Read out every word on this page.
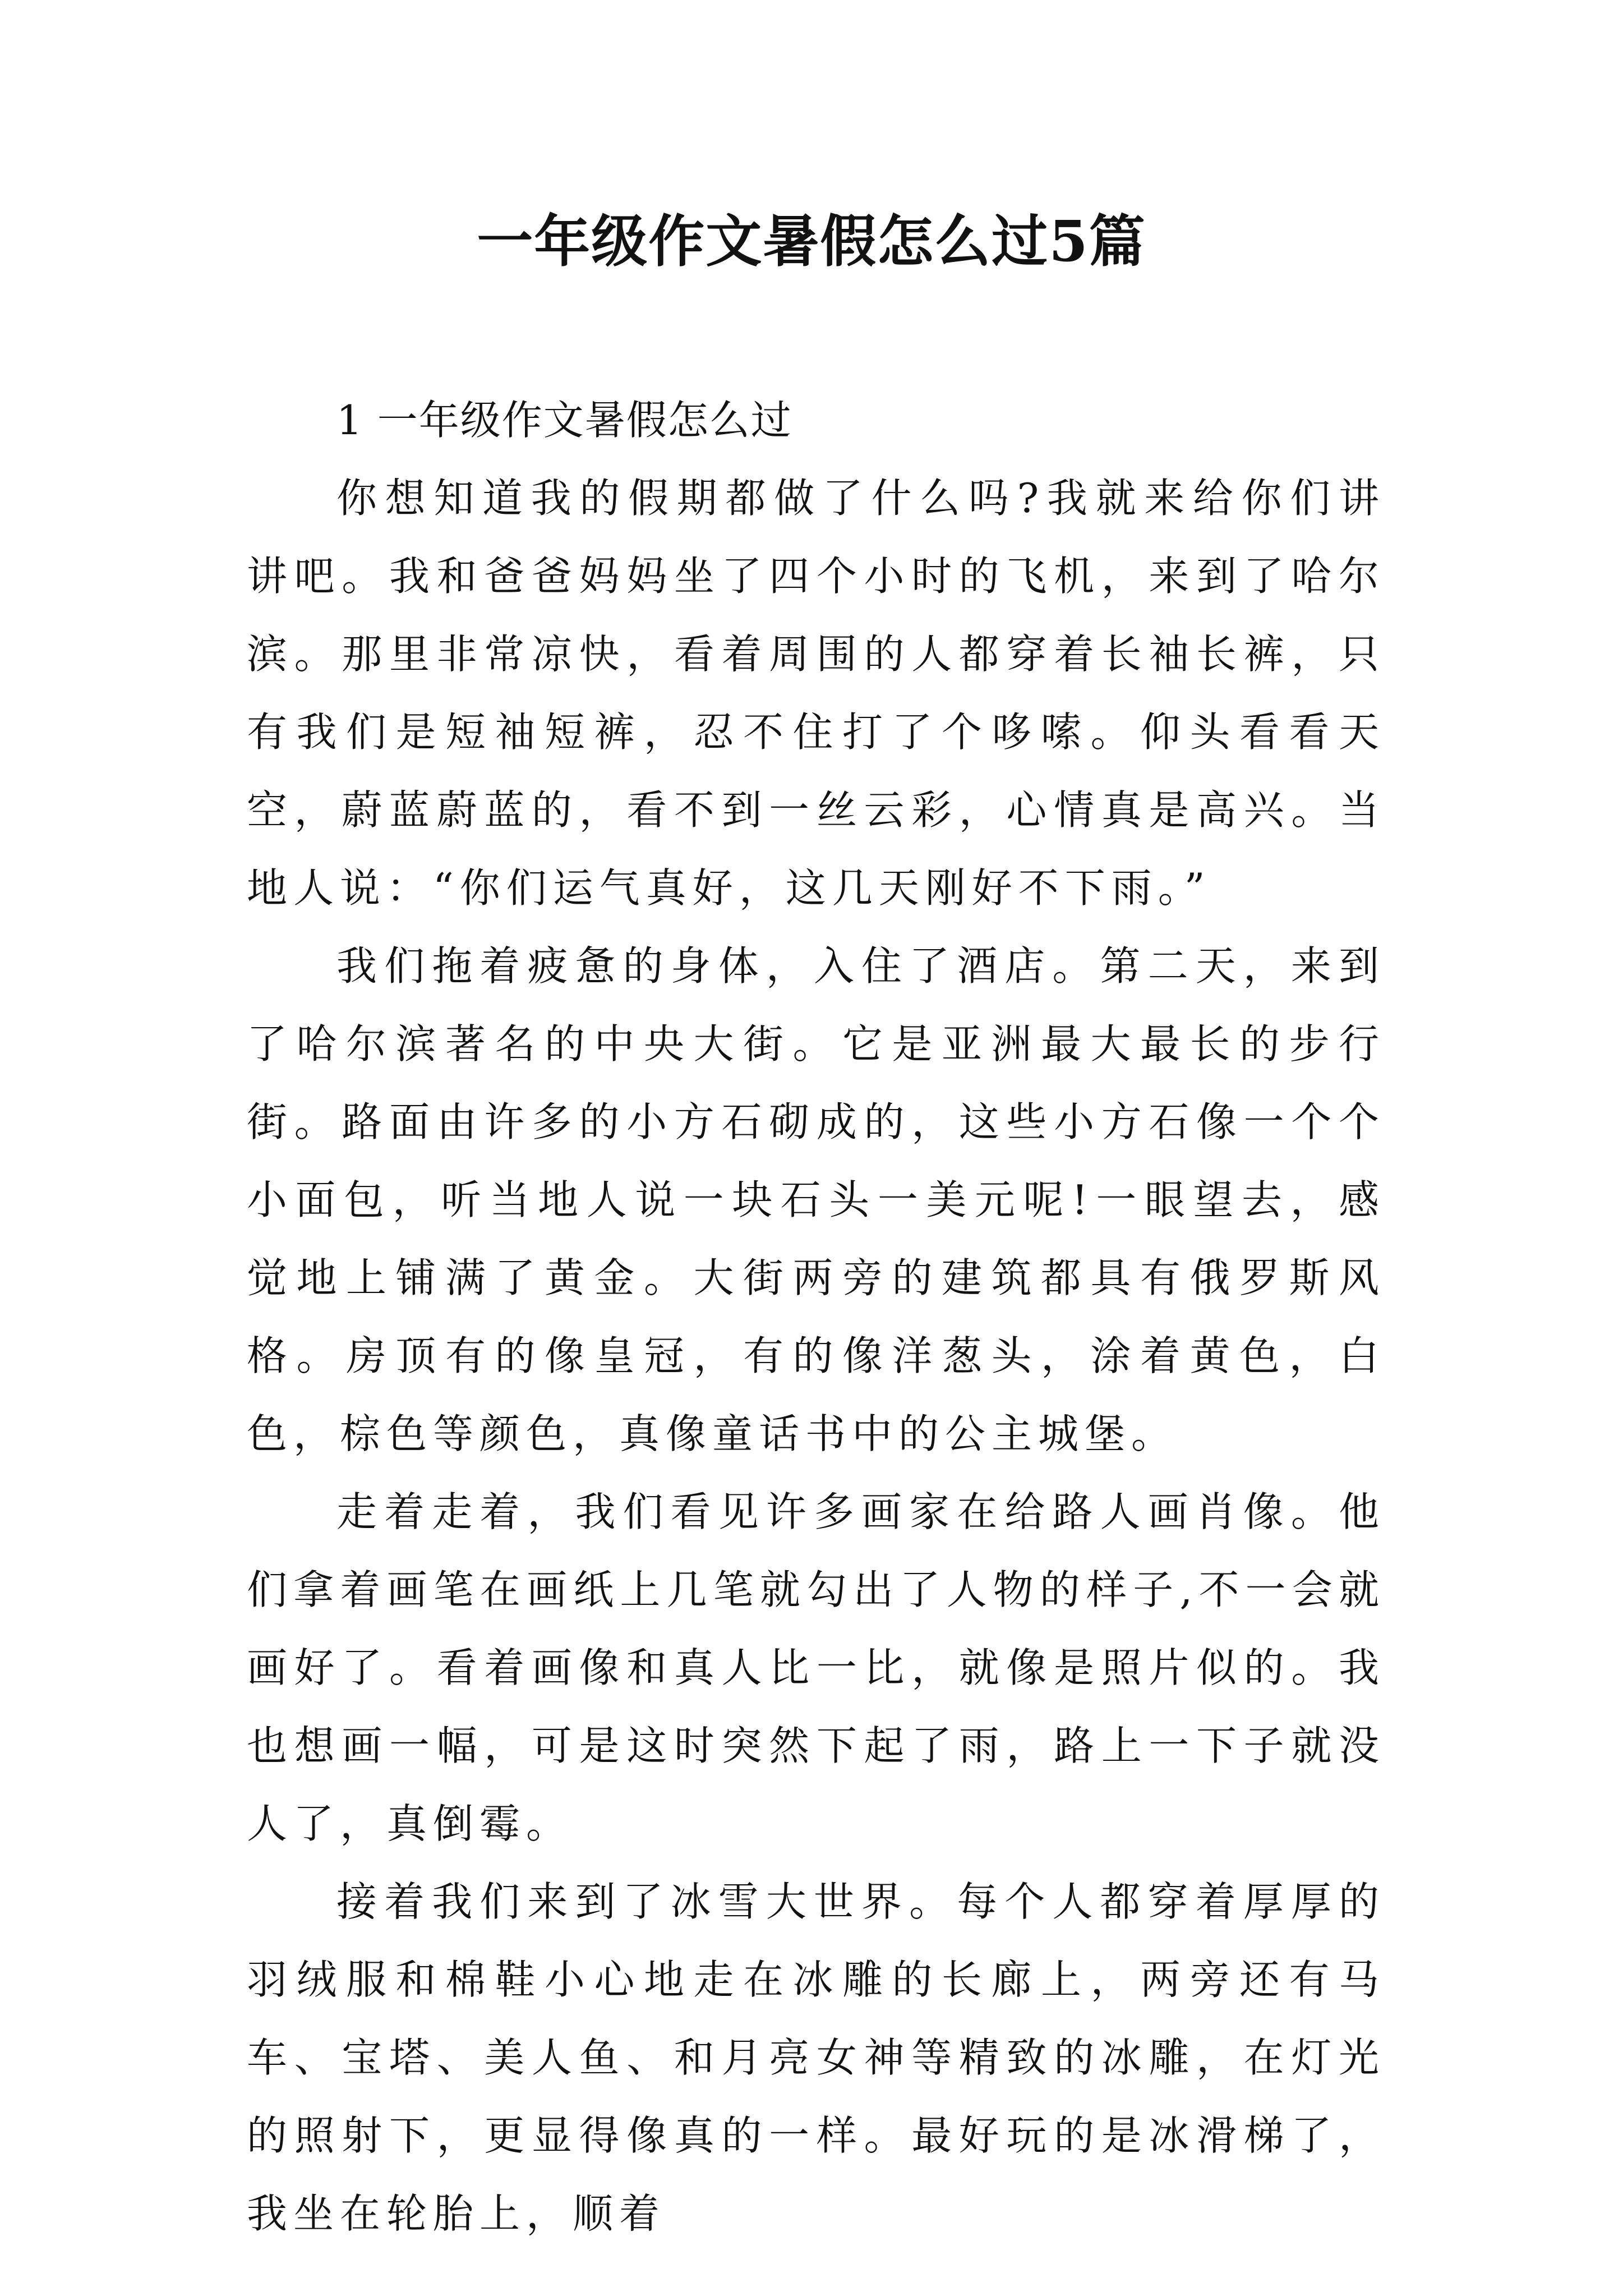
一年级作文暑假怎么过5篇

1 一年级作文暑假怎么过

你想知道我的假期都做了什么吗?我就来给你们讲讲吧。我和爸爸妈妈坐了四个小时的飞机，来到了哈尔滨。那里非常凉快，看着周围的人都穿着长袖长裤，只有我们是短袖短裤，忍不住打了个哆嗦。仰头看看天空，蔚蓝蔚蓝的，看不到一丝云彩，心情真是高兴。当地人说：“你们运气真好，这几天刚好不下雨。”

我们拖着疲惫的身体，入住了酒店。第二天，来到了哈尔滨著名的中央大街。它是亚洲最大最长的步行街。路面由许多的小方石砌成的，这些小方石像一个个小面包，听当地人说一块石头一美元呢!一眼望去，感觉地上铺满了黄金。大街两旁的建筑都具有俄罗斯风格。房顶有的像皇冠，有的像洋葱头，涂着黄色，白色，棕色等颜色，真像童话书中的公主城堡。

走着走着，我们看见许多画家在给路人画肖像。他们拿着画笔在画纸上几笔就勾出了人物的样子,不一会就画好了。看着画像和真人比一比，就像是照片似的。我也想画一幅，可是这时突然下起了雨，路上一下子就没人了，真倒霉。

接着我们来到了冰雪大世界。每个人都穿着厚厚的羽绒服和棉鞋小心地走在冰雕的长廊上，两旁还有马车、宝塔、美人鱼、和月亮女神等精致的冰雕，在灯光的照射下，更显得像真的一样。最好玩的是冰滑梯了，我坐在轮胎上，顺着
